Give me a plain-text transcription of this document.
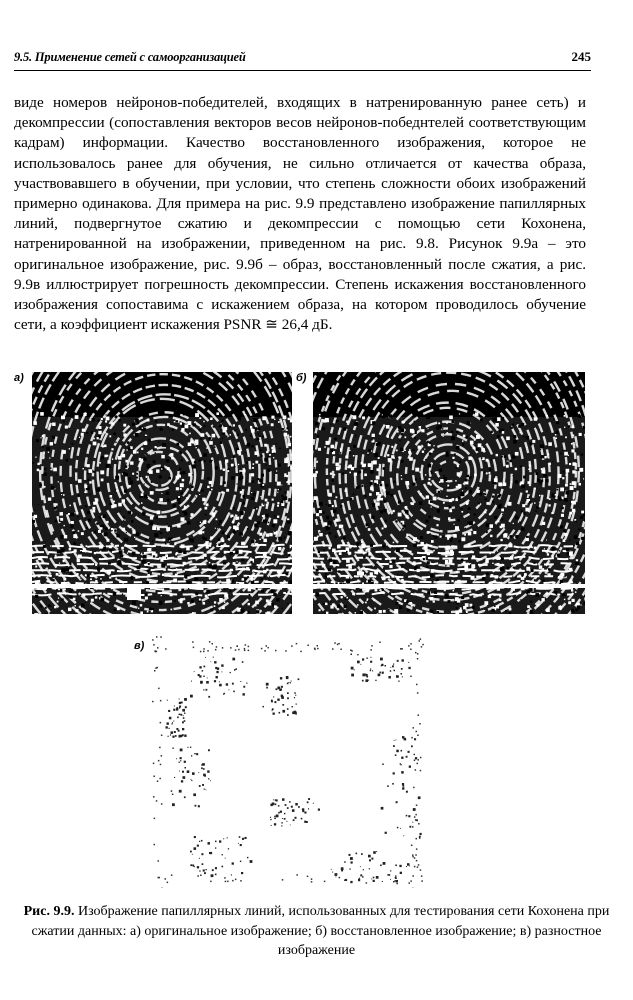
9.5. Применение сетей с самоорганизацией	245

виде номеров нейронов-победителей, входящих в натренированную ранее сеть) и декомпрессии (сопоставления векторов весов нейронов-победнтелей соответствующим кадрам) информации. Качество восстановленного изображения, которое не использовалось ранее для обучения, не сильно отличается от качества образа, участвовавшего в обучении, при условии, что степень сложности обоих изображений примерно одинакова. Для примера на рис. 9.9 представлено изображение папиллярных линий, подвергнутое сжатию и декомпрессии с помощью сети Кохонена, натренированной на изображении, приведенном на рис. 9.8. Рисунок 9.9а – это оригинальное изображение, рис. 9.9б – образ, восстановленный после сжатия, а рис. 9.9в иллюстрирует погрешность декомпрессии. Степень искажения восстановленного изображения сопоставима с искажением образа, на котором проводилось обучение сети, а коэффициент искажения PSNR ≅ 26,4 дБ.

а)	б)
в)

Рис. 9.9. Изображение папиллярных линий, использованных для тестирования сети Кохонена при сжатии данных: а) оригинальное изображение; б) восстановленное изображение; в) разностное изображение
